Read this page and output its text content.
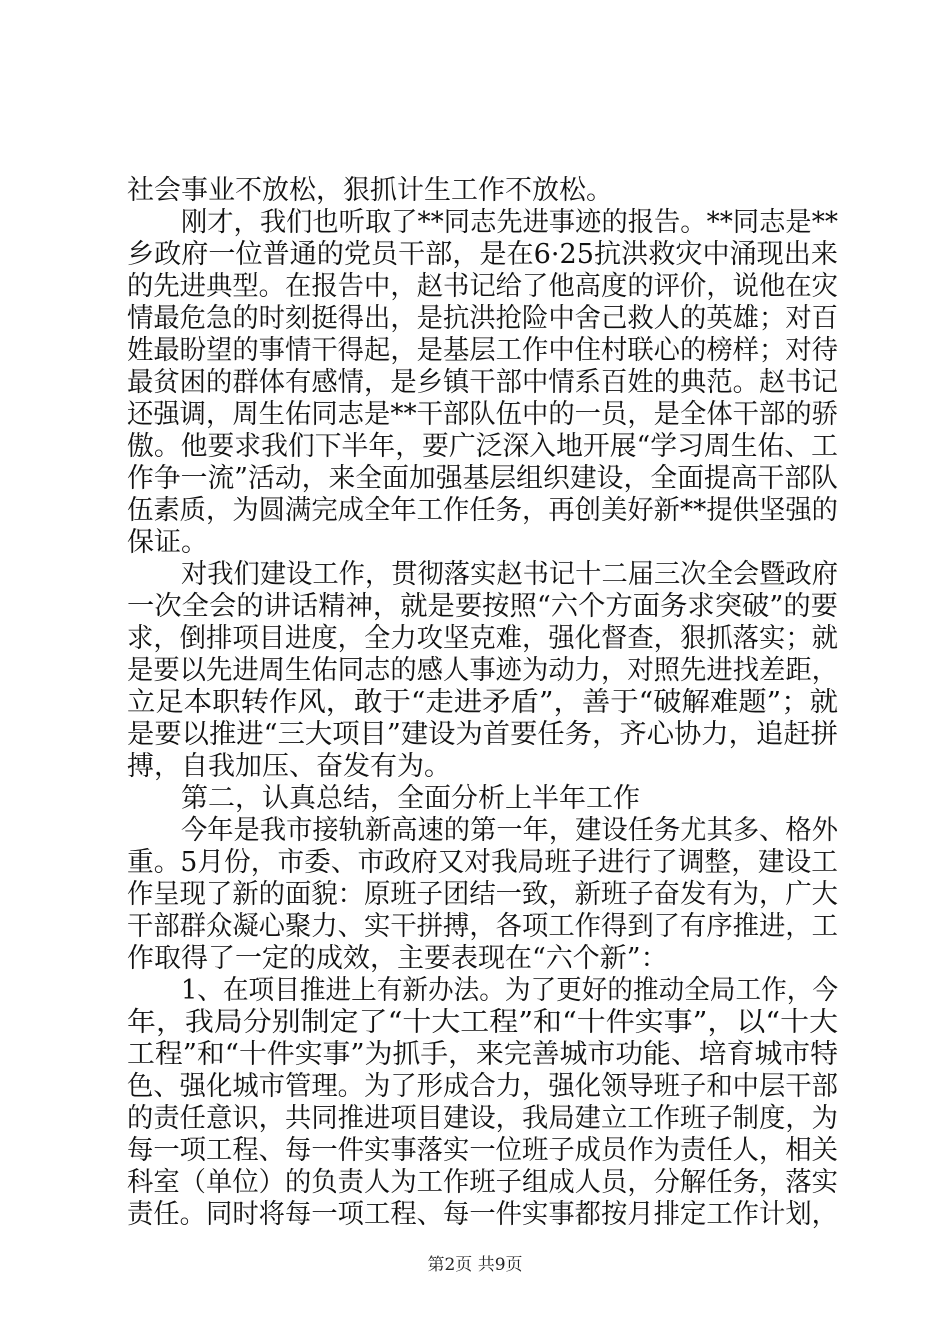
社会事业不放松，狠抓计生工作不放松。
刚才，我们也听取了**同志先进事迹的报告。**同志是**
乡政府一位普通的党员干部，是在6·25抗洪救灾中涌现出来
的先进典型。在报告中，赵书记给了他高度的评价，说他在灾
情最危急的时刻挺得出，是抗洪抢险中舍己救人的英雄；对百
姓最盼望的事情干得起，是基层工作中住村联心的榜样；对待
最贫困的群体有感情，是乡镇干部中情系百姓的典范。赵书记
还强调，周生佑同志是**干部队伍中的一员，是全体干部的骄
傲。他要求我们下半年，要广泛深入地开展“学习周生佑、工
作争一流”活动，来全面加强基层组织建设，全面提高干部队
伍素质，为圆满完成全年工作任务，再创美好新**提供坚强的
保证。
对我们建设工作，贯彻落实赵书记十二届三次全会暨政府
一次全会的讲话精神，就是要按照“六个方面务求突破”的要
求，倒排项目进度，全力攻坚克难，强化督查，狠抓落实；就
是要以先进周生佑同志的感人事迹为动力，对照先进找差距，
立足本职转作风，敢于“走进矛盾”，善于“破解难题”；就
是要以推进“三大项目”建设为首要任务，齐心协力，追赶拼
搏，自我加压、奋发有为。
第二，认真总结，全面分析上半年工作
今年是我市接轨新高速的第一年，建设任务尤其多、格外
重。5月份，市委、市政府又对我局班子进行了调整，建设工
作呈现了新的面貌：原班子团结一致，新班子奋发有为，广大
干部群众凝心聚力、实干拼搏，各项工作得到了有序推进，工
作取得了一定的成效，主要表现在“六个新”：
1、在项目推进上有新办法。为了更好的推动全局工作，今
年，我局分别制定了“十大工程”和“十件实事”，以“十大
工程”和“十件实事”为抓手，来完善城市功能、培育城市特
色、强化城市管理。为了形成合力，强化领导班子和中层干部
的责任意识，共同推进项目建设，我局建立工作班子制度，为
每一项工程、每一件实事落实一位班子成员作为责任人，相关
科室（单位）的负责人为工作班子组成人员，分解任务，落实
责任。同时将每一项工程、每一件实事都按月排定工作计划，
第2页 共9页
